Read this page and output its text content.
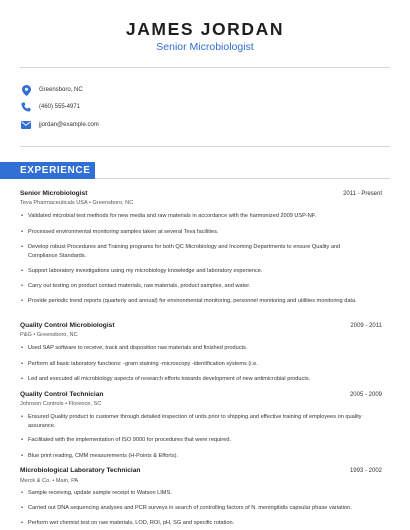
JAMES JORDAN
Senior Microbiologist
Greensboro, NC
(460) 555-4971
jjordan@example.com
EXPERIENCE
Senior Microbiologist	2011 - Present
Teva Pharmaceuticals USA • Greensboro, NC
• Validated microbial test methods for new media and raw materials in accordance with the harmonized 2009 USP-NF.
• Processed environmental monitoring samples taken at several Teva facilities.
• Develop robust Procedures and Training programs for both QC Microbiology and Incoming Departments to ensure Quality and Compliance Standards.
• Support laboratory investigations using my microbiology knowledge and laboratory experience.
• Carry out testing on product contact materials, raw materials, product samples, and water.
• Provide periodic trend reports (quarterly and annual) for environmental monitoring, personnel monitoring and utilities monitoring data.
Quality Control Microbiologist	2009 - 2011
P&G • Greensboro, NC
• Used SAP software to receive, track and disposition raw materials and finished products.
• Perform all basic laboratory functions: -gram staining -microscopy -identification systems (i.e.
• Led and executed all microbiology aspects of research efforts towards development of new antimicrobial products.
Quality Control Technician	2005 - 2009
Johnson Controls • Florence, SC
• Ensured Quality product to customer through detailed inspection of units prior to shipping and effective training of employees on quality assurance.
• Facilitated with the implementation of ISO 9000 for procedures that were required.
• Blue print reading, CMM measurements (H-Points & Efforts).
Microbiological Laboratory Technician	1993 - 2002
Merck & Co. • Main, PA
• Sample receiving, update sample receipt to Watson LIMS.
• Carried out DNA sequencing analyses and PCR surveys in search of controlling factors of N. meningitidis capsular phase variation.
• Perform wet chemist test on raw materials, LOD, ROI, pH, SG and specific rotation.
